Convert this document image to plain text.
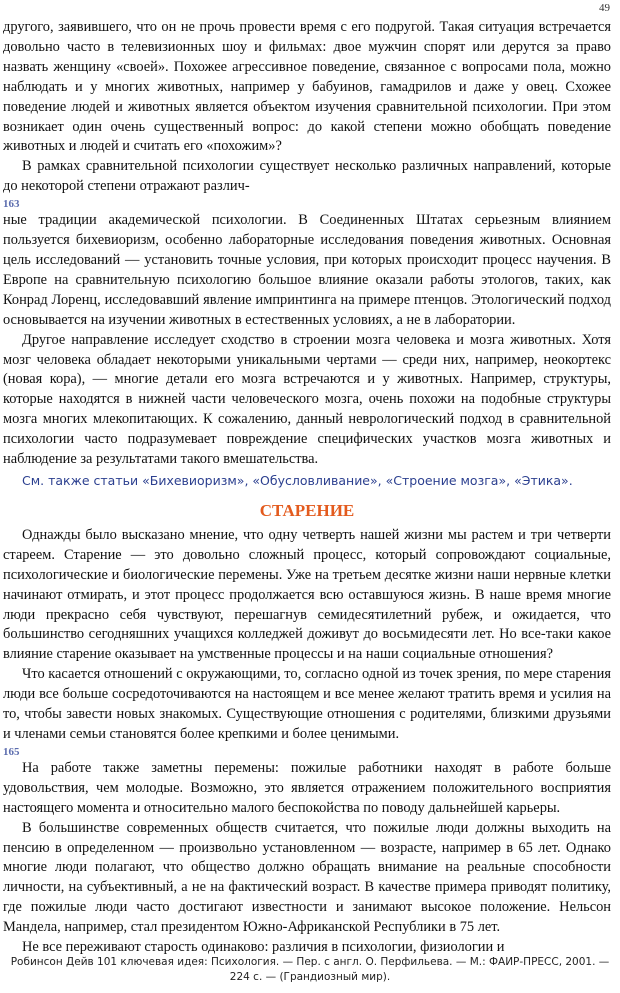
49

другого, заявившего, что он не прочь провести время с его подругой. Такая ситуация встречается довольно часто в телевизионных шоу и фильмах: двое мужчин спорят или дерутся за право назвать женщину «своей». Похожее агрессивное поведение, связанное с вопросами пола, можно наблюдать и у многих животных, например у бабуинов, гамадрилов и даже у овец. Схожее поведение людей и животных является объектом изучения сравнительной психологии. При этом возникает один очень существенный вопрос: до какой степени можно обобщать поведение животных и людей и считать его «похожим»?

В рамках сравнительной психологии существует несколько различных направлений, которые до некоторой степени отражают различ-

163

ные традиции академической психологии. В Соединенных Штатах серьезным влиянием пользуется бихевиоризм, особенно лабораторные исследования поведения животных. Основная цель исследований — установить точные условия, при которых происходит процесс научения. В Европе на сравнительную психологию большое влияние оказали работы этологов, таких, как Конрад Лоренц, исследовавший явление импринтинга на примере птенцов. Этологический подход основывается на изучении животных в естественных условиях, а не в лаборатории.

Другое направление исследует сходство в строении мозга человека и мозга животных. Хотя мозг человека обладает некоторыми уникальными чертами — среди них, например, неокортекс (новая кора), — многие детали его мозга встречаются и у животных. Например, структуры, которые находятся в нижней части человеческого мозга, очень похожи на подобные структуры мозга многих млекопитающих. К сожалению, данный неврологический подход в сравнительной психологии часто подразумевает повреждение специфических участков мозга животных и наблюдение за результатами такого вмешательства.

См. также статьи «Бихевиоризм», «Обусловливание», «Строение мозга», «Этика».
СТАРЕНИЕ

Однажды было высказано мнение, что одну четверть нашей жизни мы растем и три четверти стареем. Старение — это довольно сложный процесс, который сопровождают социальные, психологические и биологические перемены. Уже на третьем десятке жизни наши нервные клетки начинают отмирать, и этот процесс продолжается всю оставшуюся жизнь. В наше время многие люди прекрасно себя чувствуют, перешагнув семидесятилетний рубеж, и ожидается, что большинство сегодняшних учащихся колледжей доживут до восьмидесяти лет. Но все-таки какое влияние старение оказывает на умственные процессы и на наши социальные отношения?

Что касается отношений с окружающими, то, согласно одной из точек зрения, по мере старения люди все больше сосредоточиваются на настоящем и все менее желают тратить время и усилия на то, чтобы завести новых знакомых. Существующие отношения с родителями, близкими друзьями и членами семьи становятся более крепкими и более ценимыми.

165

На работе также заметны перемены: пожилые работники находят в работе больше удовольствия, чем молодые. Возможно, это является отражением положительного восприятия настоящего момента и относительно малого беспокойства по поводу дальнейшей карьеры.

В большинстве современных обществ считается, что пожилые люди должны выходить на пенсию в определенном — произвольно установленном — возрасте, например в 65 лет. Однако многие люди полагают, что общество должно обращать внимание на реальные способности личности, на субъективный, а не на фактический возраст. В качестве примера приводят политику, где пожилые люди часто достигают известности и занимают высокое положение. Нельсон Мандела, например, стал президентом Южно-Африканской Республики в 75 лет.

Не все переживают старость одинаково: различия в психологии, физиологии и

Робинсон Дейв 101 ключевая идея: Психология. — Пер. с англ. О. Перфильева. — М.: ФАИР-ПРЕСС, 2001. —
224 с. — (Грандиозный мир).
